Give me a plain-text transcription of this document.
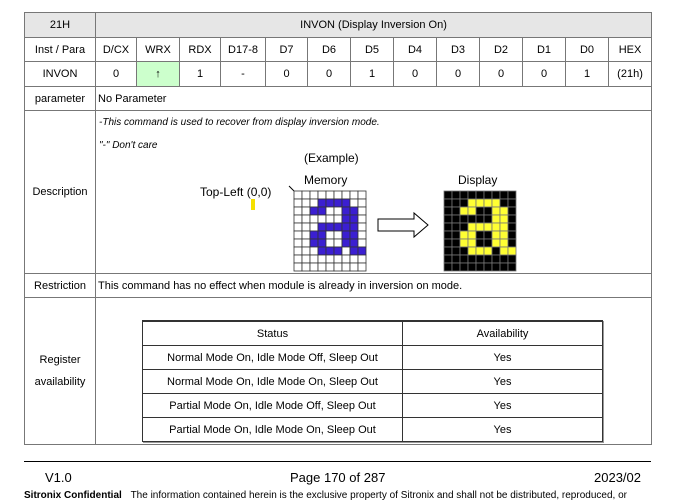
21H	INVON (Display Inversion On)
Inst / Para	D/CX	WRX	RDX	D17-8	D7	D6	D5	D4	D3	D2	D1	D0	HEX
INVON	0	↑	1	-	0	0	1	0	0	0	0	1	(21h)
parameter	No Parameter
Description	
-This command is used to recover from display inversion mode.
"-" Don't care
(Example)
Memory	Display
Top-Left (0,0)

Restriction	This command has no effect when module is already in inversion on mode.

Register
availability

Status	Availability
Normal Mode On, Idle Mode Off, Sleep Out	Yes
Normal Mode On, Idle Mode On, Sleep Out	Yes
Partial Mode On, Idle Mode Off, Sleep Out	Yes
Partial Mode On, Idle Mode On, Sleep Out	Yes
V1.0	Page 170 of 287	2023/02
Sitronix Confidential The information contained herein is the exclusive property of Sitronix and shall not be distributed, reproduced, or
